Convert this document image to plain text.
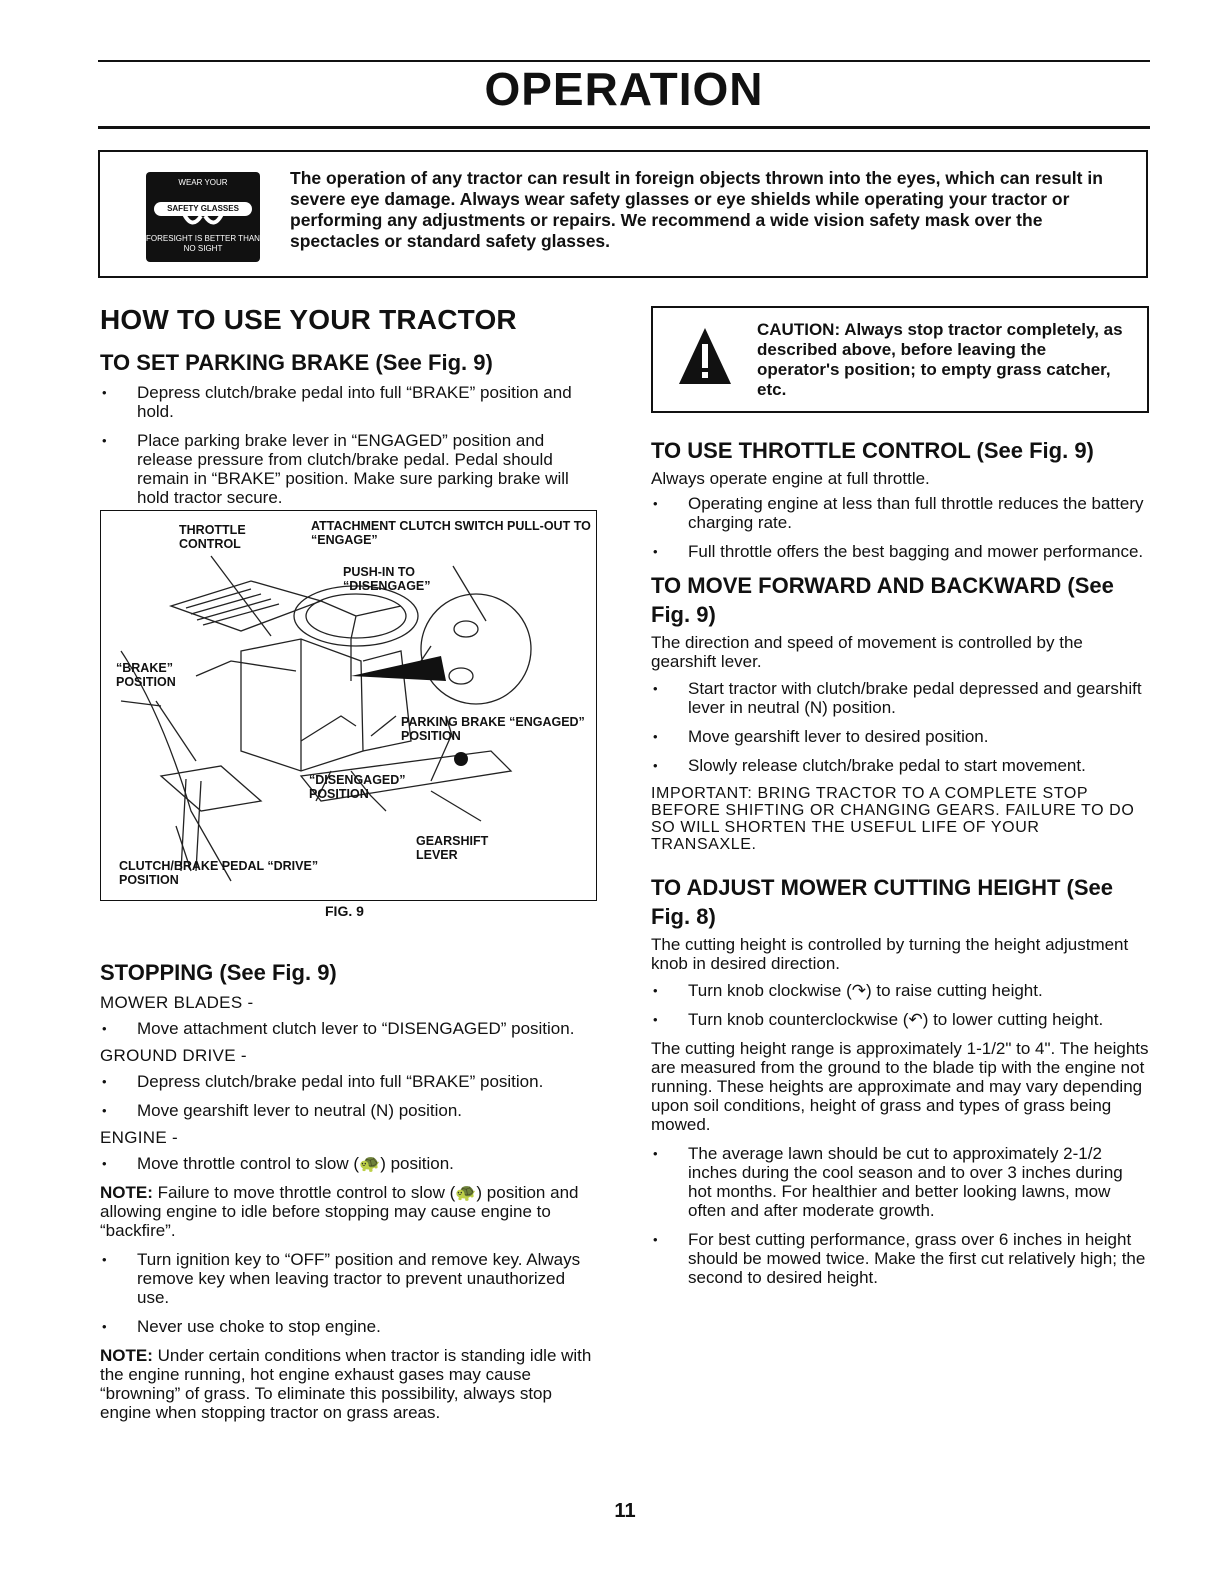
OPERATION
WEAR YOUR
SAFETY GLASSES
FORESIGHT IS BETTER THAN NO SIGHT

The operation of any tractor can result in foreign objects thrown into the eyes, which can result in severe eye damage. Always wear safety glasses or eye shields while operating your tractor or performing any adjustments or repairs. We recommend a wide vision safety mask over the spectacles or standard safety glasses.

HOW TO USE YOUR TRACTOR
TO SET PARKING BRAKE (See Fig. 9)
• Depress clutch/brake pedal into full “BRAKE” position and hold.
• Place parking brake lever in “ENGAGED” position and release pressure from clutch/brake pedal. Pedal should remain in “BRAKE” position. Make sure parking brake will hold tractor secure.
THROTTLE CONTROL
ATTACHMENT CLUTCH SWITCH PULL-OUT TO “ENGAGE”
PUSH-IN TO “DISENGAGE”
“BRAKE” POSITION
PARKING BRAKE “ENGAGED” POSITION
“DISENGAGED” POSITION
GEARSHIFT LEVER
CLUTCH/BRAKE PEDAL “DRIVE” POSITION
FIG. 9
STOPPING (See Fig. 9)

MOWER BLADES -

• Move attachment clutch lever to “DISENGAGED” position.

GROUND DRIVE -

• Depress clutch/brake pedal into full “BRAKE” position.
• Move gearshift lever to neutral (N) position.

ENGINE -

• Move throttle control to slow (🐢) position.

NOTE: Failure to move throttle control to slow (🐢) position and allowing engine to idle before stopping may cause engine to “backfire”.

• Turn ignition key to “OFF” position and remove key. Always remove key when leaving tractor to prevent unauthorized use.
• Never use choke to stop engine.

NOTE: Under certain conditions when tractor is standing idle with the engine running, hot engine exhaust gases may cause “browning” of grass. To eliminate this possibility, always stop engine when stopping tractor on grass areas.

CAUTION: Always stop tractor completely, as described above, before leaving the operator's position; to empty grass catcher, etc.
TO USE THROTTLE CONTROL (See Fig. 9)

Always operate engine at full throttle.

• Operating engine at less than full throttle reduces the battery charging rate.
• Full throttle offers the best bagging and mower performance.
TO MOVE FORWARD AND BACKWARD (See Fig. 9)

The direction and speed of movement is controlled by the gearshift lever.

• Start tractor with clutch/brake pedal depressed and gearshift lever in neutral (N) position.
• Move gearshift lever to desired position.
• Slowly release clutch/brake pedal to start movement.

IMPORTANT: BRING TRACTOR TO A COMPLETE STOP BEFORE SHIFTING OR CHANGING GEARS. FAILURE TO DO SO WILL SHORTEN THE USEFUL LIFE OF YOUR TRANSAXLE.

TO ADJUST MOWER CUTTING HEIGHT (See Fig. 8)

The cutting height is controlled by turning the height adjustment knob in desired direction.

• Turn knob clockwise (↷) to raise cutting height.
• Turn knob counterclockwise (↶) to lower cutting height.

The cutting height range is approximately 1-1/2" to 4". The heights are measured from the ground to the blade tip with the engine not running. These heights are approximate and may vary depending upon soil conditions, height of grass and types of grass being mowed.

• The average lawn should be cut to approximately 2-1/2 inches during the cool season and to over 3 inches during hot months. For healthier and better looking lawns, mow often and after moderate growth.
• For best cutting performance, grass over 6 inches in height should be mowed twice. Make the first cut relatively high; the second to desired height.
11
